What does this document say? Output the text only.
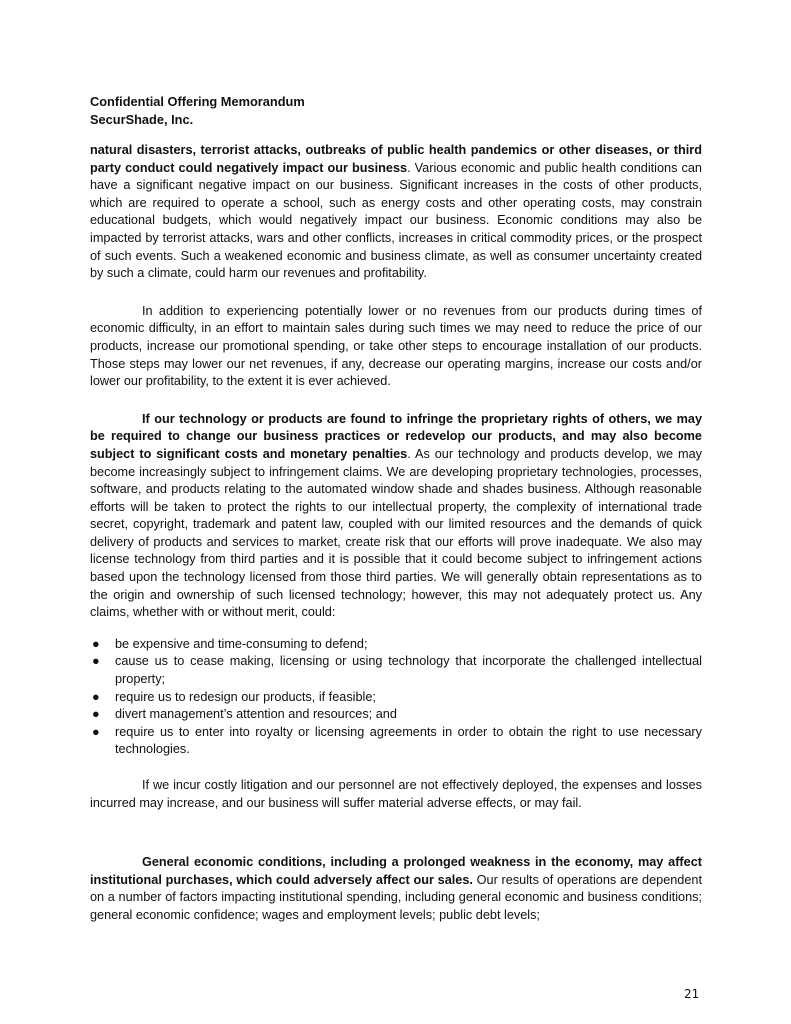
Confidential Offering Memorandum
SecurShade, Inc.

natural disasters, terrorist attacks, outbreaks of public health pandemics or other diseases, or third party conduct could negatively impact our business. Various economic and public health conditions can have a significant negative impact on our business. Significant increases in the costs of other products, which are required to operate a school, such as energy costs and other operating costs, may constrain educational budgets, which would negatively impact our business. Economic conditions may also be impacted by terrorist attacks, wars and other conflicts, increases in critical commodity prices, or the prospect of such events. Such a weakened economic and business climate, as well as consumer uncertainty created by such a climate, could harm our revenues and profitability.

In addition to experiencing potentially lower or no revenues from our products during times of economic difficulty, in an effort to maintain sales during such times we may need to reduce the price of our products, increase our promotional spending, or take other steps to encourage installation of our products. Those steps may lower our net revenues, if any, decrease our operating margins, increase our costs and/or lower our profitability, to the extent it is ever achieved.

If our technology or products are found to infringe the proprietary rights of others, we may be required to change our business practices or redevelop our products, and may also become subject to significant costs and monetary penalties. As our technology and products develop, we may become increasingly subject to infringement claims. We are developing proprietary technologies, processes, software, and products relating to the automated window shade and shades business. Although reasonable efforts will be taken to protect the rights to our intellectual property, the complexity of international trade secret, copyright, trademark and patent law, coupled with our limited resources and the demands of quick delivery of products and services to market, create risk that our efforts will prove inadequate. We also may license technology from third parties and it is possible that it could become subject to infringement actions based upon the technology licensed from those third parties. We will generally obtain representations as to the origin and ownership of such licensed technology; however, this may not adequately protect us. Any claims, whether with or without merit, could:

● be expensive and time-consuming to defend;
● cause us to cease making, licensing or using technology that incorporate the challenged intellectual property;
● require us to redesign our products, if feasible;
● divert management’s attention and resources; and
● require us to enter into royalty or licensing agreements in order to obtain the right to use necessary technologies.

If we incur costly litigation and our personnel are not effectively deployed, the expenses and losses incurred may increase, and our business will suffer material adverse effects, or may fail.

General economic conditions, including a prolonged weakness in the economy, may affect institutional purchases, which could adversely affect our sales. Our results of operations are dependent on a number of factors impacting institutional spending, including general economic and business conditions; general economic confidence; wages and employment levels; public debt levels;

21
